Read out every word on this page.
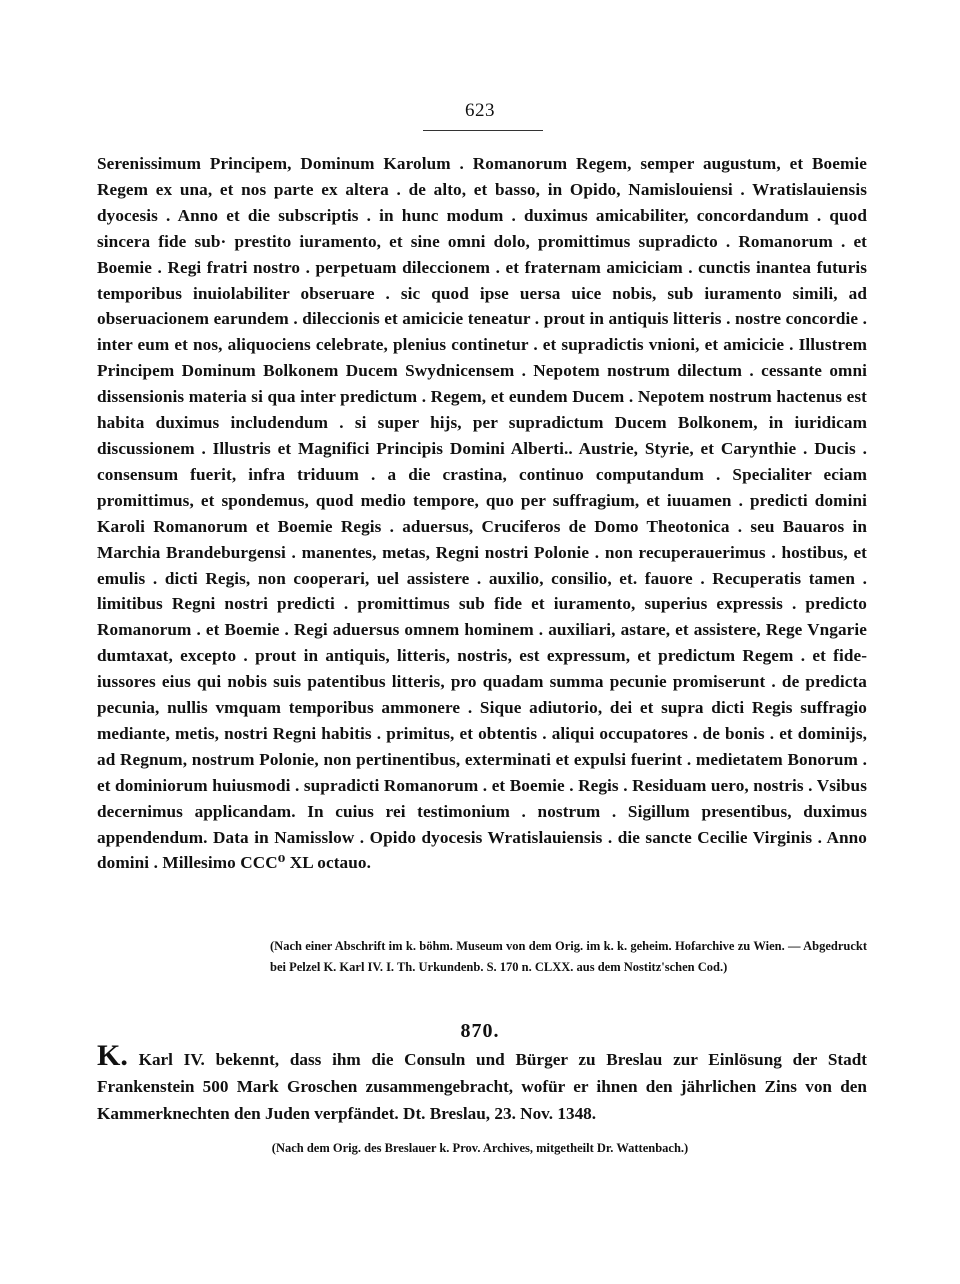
623
Serenissimum Principem, Dominum Karolum . Romanorum Regem, semper augustum, et Boemie Regem ex una, et nos parte ex altera . de alto, et basso, in Opido, Namislouiensi . Wratislauiensis dyocesis . Anno et die subscriptis . in hunc modum . duximus amicabiliter, concordandum . quod sincera fide sub· prestito iuramento, et sine omni dolo, promittimus supradicto . Romanorum . et Boemie . Regi fratri nostro . perpetuam dileccionem . et fraternam amiciciam . cunctis inantea futuris temporibus inuiolabiliter obseruare . sic quod ipse uersa uice nobis, sub iuramento simili, ad obseruacionem earundem . dileccionis et amicicie teneatur . prout in antiquis litteris . nostre concordie . inter eum et nos, aliquociens celebrate, plenius continetur . et supradictis vnioni, et amicicie . Illustrem Principem Dominum Bolkonem Ducem Swydnicensem . Nepotem nostrum dilectum . cessante omni dissensionis materia si qua inter predictum . Regem, et eundem Ducem . Nepotem nostrum hactenus est habita duximus includendum . si super hijs, per supradictum Ducem Bolkonem, in iuridicam discussionem . Illustris et Magnifici Principis Domini Alberti.. Austrie, Styrie, et Carynthie . Ducis . consensum fuerit, infra triduum . a die crastina, continuo computandum . Specialiter eciam promittimus, et spondemus, quod medio tempore, quo per suffragium, et iuuamen . predicti domini Karoli Romanorum et Boemie Regis . aduersus, Cruciferos de Domo Theotonica . seu Bauaros in Marchia Brandeburgensi . manentes, metas, Regni nostri Polonie . non recuperauerimus . hostibus, et emulis . dicti Regis, non cooperari, uel assistere . auxilio, consilio, et. fauore . Recuperatis tamen . limitibus Regni nostri predicti . promittimus sub fide et iuramento, superius expressis . predicto Romanorum . et Boemie . Regi aduersus omnem hominem . auxiliari, astare, et assistere, Rege Vngarie dumtaxat, excepto . prout in antiquis, litteris, nostris, est expressum, et predictum Regem . et fideiussores eius qui nobis suis patentibus litteris, pro quadam summa pecunie promiserunt . de predicta pecunia, nullis vmquam temporibus ammonere . Sique adiutorio, dei et supra dicti Regis suffragio mediante, metis, nostri Regni habitis . primitus, et obtentis . aliqui occupatores . de bonis . et dominijs, ad Regnum, nostrum Polonie, non pertinentibus, exterminati et expulsi fuerint . medietatem Bonorum . et dominiorum huiusmodi . supradicti Romanorum . et Boemie . Regis . Residuam uero, nostris . Vsibus decernimus applicandam. In cuius rei testimonium . nostrum . Sigillum presentibus, duximus appendendum. Data in Namisslow . Opido dyocesis Wratislauiensis . die sancte Cecilie Virginis . Anno domini . Millesimo CCC⁰ XL octauo.
(Nach einer Abschrift im k. böhm. Museum von dem Orig. im k. k. geheim. Hofarchive zu Wien. — Abgedruckt bei Pelzel K. Karl IV. I. Th. Urkundenb. S. 170 n. CLXX. aus dem Nostitz'schen Cod.)
870.
K. Karl IV. bekennt, dass ihm die Consuln und Bürger zu Breslau zur Einlösung der Stadt Frankenstein 500 Mark Groschen zusammengebracht, wofür er ihnen den jährlichen Zins von den Kammerknechten den Juden verpfändet. Dt. Breslau, 23. Nov. 1348.
(Nach dem Orig. des Breslauer k. Prov. Archives, mitgetheilt Dr. Wattenbach.)
